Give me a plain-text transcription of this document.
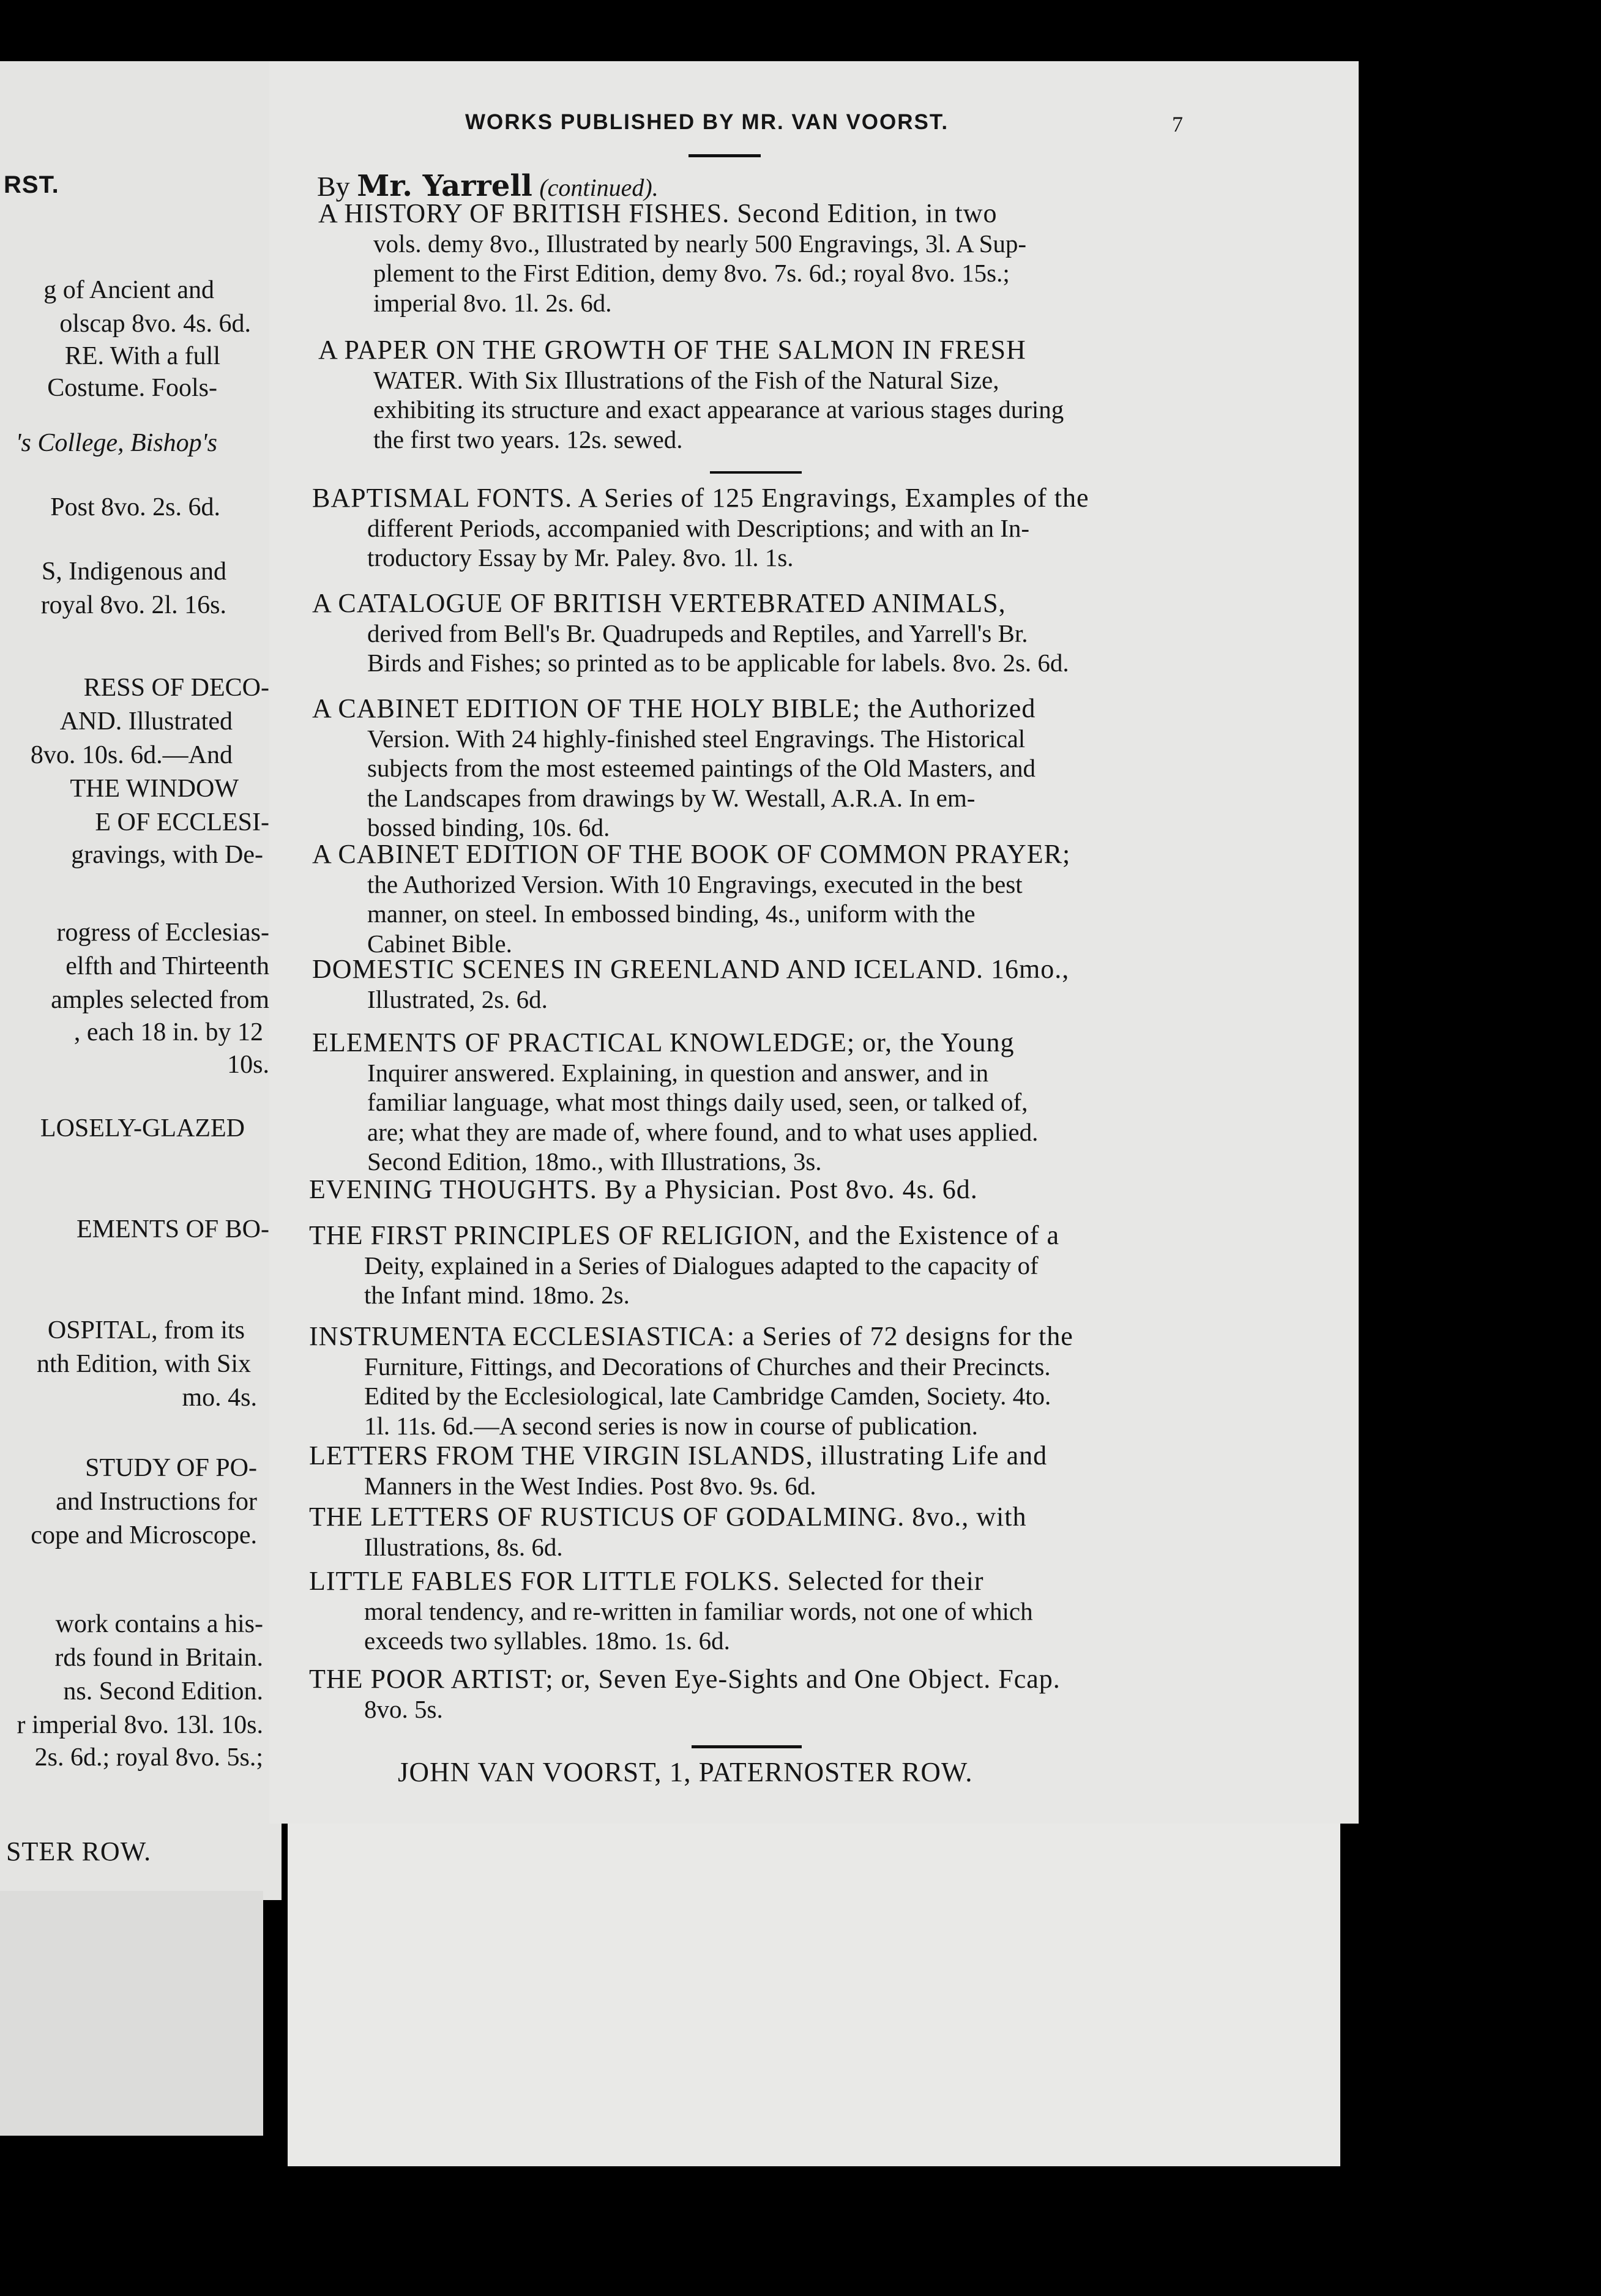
RST.
g of Ancient and
olscap 8vo. 4s. 6d.
RE. With a full
Costume. Fools-
's College, Bishop's
Post 8vo. 2s. 6d.
S, Indigenous and
royal 8vo. 2l. 16s.
RESS OF DECO-
AND. Illustrated
8vo. 10s. 6d.—And
THE WINDOW
E OF ECCLESI-
gravings, with De-
rogress of Ecclesias-
elfth and Thirteenth
amples selected from
, each 18 in. by 12
10s.
LOSELY-GLAZED
EMENTS OF BO-
OSPITAL, from its
nth Edition, with Six
mo. 4s.
STUDY OF PO-
and Instructions for
cope and Microscope.
work contains a his-
rds found in Britain.
ns. Second Edition.
r imperial 8vo. 13l. 10s.
2s. 6d.; royal 8vo. 5s.;
STER ROW.
WORKS PUBLISHED BY MR. VAN VOORST.	7
By Mr. Yarrell (continued).
A HISTORY OF BRITISH FISHES. Second Edition, in two
vols. demy 8vo., Illustrated by nearly 500 Engravings, 3l. A Sup-
plement to the First Edition, demy 8vo. 7s. 6d.; royal 8vo. 15s.;
imperial 8vo. 1l. 2s. 6d.
A PAPER ON THE GROWTH OF THE SALMON IN FRESH
WATER. With Six Illustrations of the Fish of the Natural Size,
exhibiting its structure and exact appearance at various stages during
the first two years. 12s. sewed.
BAPTISMAL FONTS. A Series of 125 Engravings, Examples of the
different Periods, accompanied with Descriptions; and with an In-
troductory Essay by Mr. Paley. 8vo. 1l. 1s.
A CATALOGUE OF BRITISH VERTEBRATED ANIMALS,
derived from Bell's Br. Quadrupeds and Reptiles, and Yarrell's Br.
Birds and Fishes; so printed as to be applicable for labels. 8vo. 2s. 6d.
A CABINET EDITION OF THE HOLY BIBLE; the Authorized
Version. With 24 highly-finished steel Engravings. The Historical
subjects from the most esteemed paintings of the Old Masters, and
the Landscapes from drawings by W. Westall, A.R.A. In em-
bossed binding, 10s. 6d.
A CABINET EDITION OF THE BOOK OF COMMON PRAYER;
the Authorized Version. With 10 Engravings, executed in the best
manner, on steel. In embossed binding, 4s., uniform with the
Cabinet Bible.
DOMESTIC SCENES IN GREENLAND AND ICELAND. 16mo.,
Illustrated, 2s. 6d.
ELEMENTS OF PRACTICAL KNOWLEDGE; or, the Young
Inquirer answered. Explaining, in question and answer, and in
familiar language, what most things daily used, seen, or talked of,
are; what they are made of, where found, and to what uses applied.
Second Edition, 18mo., with Illustrations, 3s.
EVENING THOUGHTS. By a Physician. Post 8vo. 4s. 6d.
THE FIRST PRINCIPLES OF RELIGION, and the Existence of a
Deity, explained in a Series of Dialogues adapted to the capacity of
the Infant mind. 18mo. 2s.
INSTRUMENTA ECCLESIASTICA: a Series of 72 designs for the
Furniture, Fittings, and Decorations of Churches and their Precincts.
Edited by the Ecclesiological, late Cambridge Camden, Society. 4to.
1l. 11s. 6d.—A second series is now in course of publication.
LETTERS FROM THE VIRGIN ISLANDS, illustrating Life and
Manners in the West Indies. Post 8vo. 9s. 6d.
THE LETTERS OF RUSTICUS OF GODALMING. 8vo., with
Illustrations, 8s. 6d.
LITTLE FABLES FOR LITTLE FOLKS. Selected for their
moral tendency, and re-written in familiar words, not one of which
exceeds two syllables. 18mo. 1s. 6d.
THE POOR ARTIST; or, Seven Eye-Sights and One Object. Fcap.
8vo. 5s.
JOHN VAN VOORST, 1, PATERNOSTER ROW.
